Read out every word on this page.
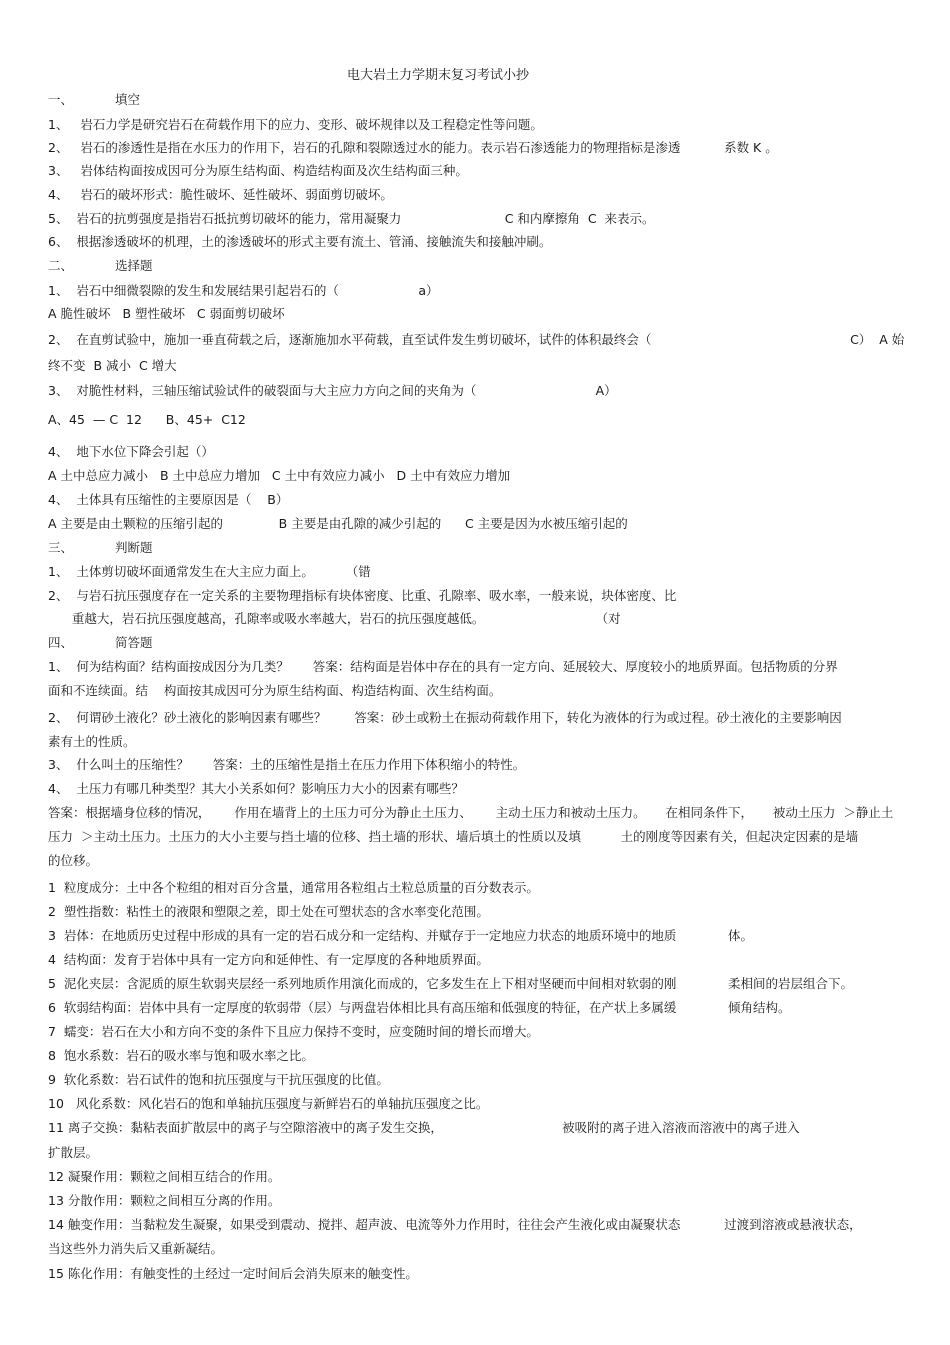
电大岩土力学期末复习考试小抄
一、	填空
1、   岩石力学是研究岩石在荷载作用下的应力、变形、破坏规律以及工程稳定性等问题。
2、   岩石的渗透性是指在水压力的作用下，岩石的孔隙和裂隙透过水的能力。表示岩石渗透能力的物理指标是渗透           系数 K 。
3、   岩体结构面按成因可分为原生结构面、构造结构面及次生结构面三种。
4、   岩石的破坏形式：脆性破坏、延性破坏、弱面剪切破坏。
5、  岩石的抗剪强度是指岩石抵抗剪切破坏的能力，常用凝聚力                          C 和内摩擦角  C  来表示。
6、  根据渗透破坏的机理，土的渗透破坏的形式主要有流土、管涌、接触流失和接触冲刷。
二、	选择题
1、  岩石中细微裂隙的发生和发展结果引起岩石的（                    a）
A 脆性破坏   B 塑性破坏   C 弱面剪切破坏
2、  在直剪试验中，施加一垂直荷载之后，逐渐施加水平荷载，直至试件发生剪切破坏，试件的体积最终会（                                                  C）  A 始
终不变  B 减小  C 增大
3、  对脆性材料，三轴压缩试验试件的破裂面与大主应力方向之间的夹角为（                              A）
A、45  — C  12      B、45+  C12
4、  地下水位下降会引起（）
A 土中总应力减小   B 土中总应力增加   C 土中有效应力减小   D 土中有效应力增加
4、  土体具有压缩性的主要原因是（    B）
A 主要是由土颗粒的压缩引起的              B 主要是由孔隙的减少引起的      C 主要是因为水被压缩引起的
三、	判断题
1、  土体剪切破坏面通常发生在大主应力面上。        （错
2、  与岩石抗压强度存在一定关系的主要物理指标有块体密度、比重、孔隙率、吸水率，一般来说，块体密度、比
重越大，岩石抗压强度越高，孔隙率或吸水率越大，岩石的抗压强度越低。                            （对
四、	简答题
1、  何为结构面？结构面按成因分为几类？      答案：结构面是岩体中存在的具有一定方向、延展较大、厚度较小的地质界面。包括物质的分界
面和不连续面。结    构面按其成因可分为原生结构面、构造结构面、次生结构面。
2、  何谓砂土液化？砂土液化的影响因素有哪些？       答案：砂土或粉土在振动荷载作用下，转化为液体的行为或过程。砂土液化的主要影响因
素有土的性质。
3、  什么叫土的压缩性？      答案：土的压缩性是指土在压力作用下体积缩小的特性。
4、  土压力有哪几种类型？其大小关系如何？影响压力大小的因素有哪些？
答案：根据墙身位移的情况，      作用在墙背上的土压力可分为静止土压力、      主动土压力和被动土压力。     在相同条件下，     被动土压力  ＞静止土
压力  ＞主动土压力。土压力的大小主要与挡土墙的位移、挡土墙的形状、墙后填土的性质以及填          土的刚度等因素有关，但起决定因素的是墙
的位移。
1  粒度成分：土中各个粒组的相对百分含量，通常用各粒组占土粒总质量的百分数表示。
2  塑性指数：粘性土的液限和塑限之差，即土处在可塑状态的含水率变化范围。
3  岩体：在地质历史过程中形成的具有一定的岩石成分和一定结构、并赋存于一定地应力状态的地质环境中的地质             体。
4  结构面：发育于岩体中具有一定方向和延伸性、有一定厚度的各种地质界面。
5  泥化夹层：含泥质的原生软弱夹层经一系列地质作用演化而成的，它多发生在上下相对坚硬而中间相对软弱的刚             柔相间的岩层组合下。
6  软弱结构面：岩体中具有一定厚度的软弱带（层）与两盘岩体相比具有高压缩和低强度的特征，在产状上多属缓             倾角结构。
7  蠕变：岩石在大小和方向不变的条件下且应力保持不变时，应变随时间的增长而增大。
8  饱水系数：岩石的吸水率与饱和吸水率之比。
9  软化系数：岩石试件的饱和抗压强度与干抗压强度的比值。
10   风化系数：风化岩石的饱和单轴抗压强度与新鲜岩石的单轴抗压强度之比。
11 离子交换：黏粘表面扩散层中的离子与空隙溶液中的离子发生交换，                              被吸附的离子进入溶液而溶液中的离子进入
扩散层。
12 凝聚作用：颗粒之间相互结合的作用。
13 分散作用：颗粒之间相互分离的作用。
14 触变作用：当黏粒发生凝聚，如果受到震动、搅拌、超声波、电流等外力作用时，往往会产生液化或由凝聚状态           过渡到溶液或悬液状态，
当这些外力消失后又重新凝结。
15 陈化作用：有触变性的土经过一定时间后会消失原来的触变性。
